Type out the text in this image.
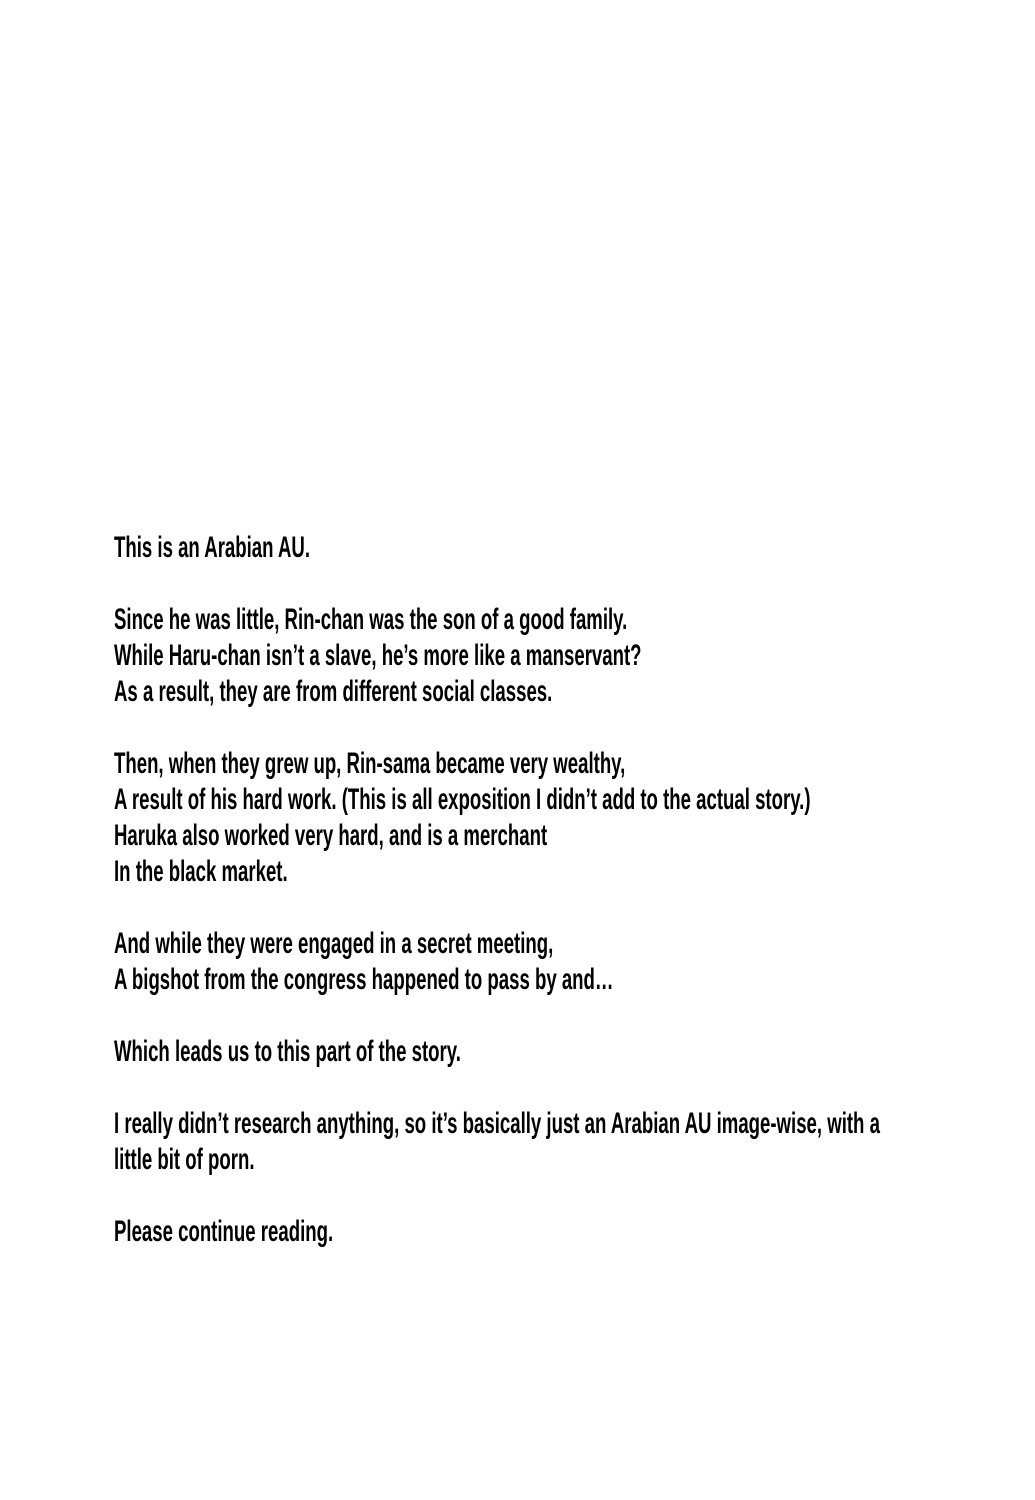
This is an Arabian AU.
Since he was little, Rin-chan was the son of a good family.
While Haru-chan isn’t a slave, he’s more like a manservant?
As a result, they are from different social classes.
Then, when they grew up, Rin-sama became very wealthy,
A result of his hard work. (This is all exposition I didn’t add to the actual story.)
Haruka also worked very hard, and is a merchant
In the black market.
And while they were engaged in a secret meeting,
A bigshot from the congress happened to pass by and…
Which leads us to this part of the story.
I really didn’t research anything, so it’s basically just an Arabian AU image-wise, with a
little bit of porn.
Please continue reading.
